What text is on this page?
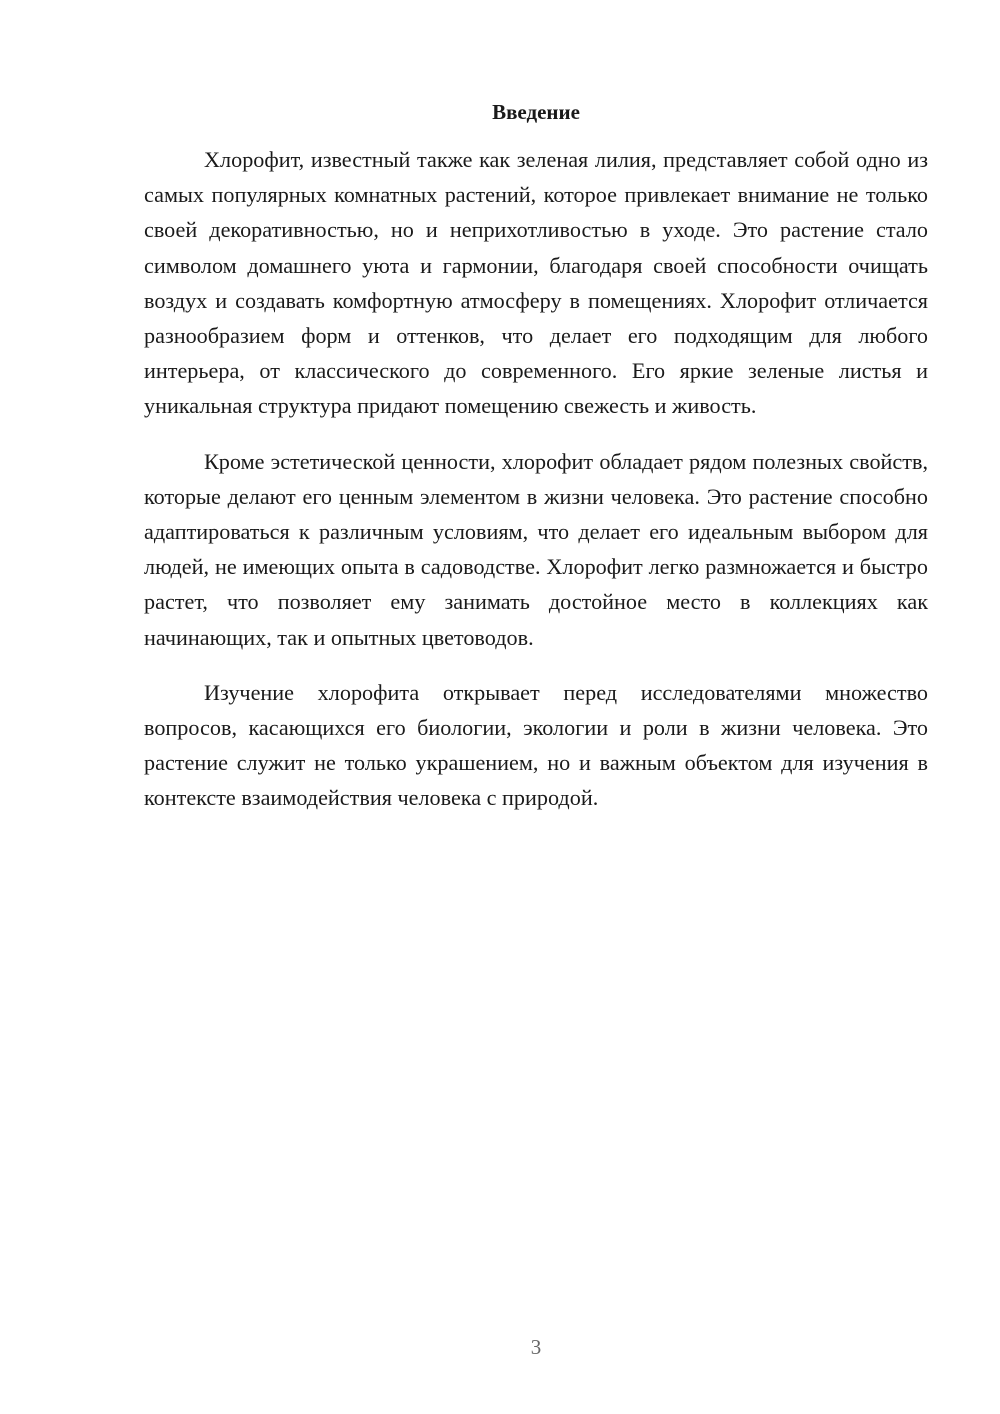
Введение

Хлорофит, известный также как зеленая лилия, представляет собой одно из самых популярных комнатных растений, которое привлекает внимание не только своей декоративностью, но и неприхотливостью в уходе. Это растение стало символом домашнего уюта и гармонии, благодаря своей способности очищать воздух и создавать комфортную атмосферу в помещениях. Хлорофит отличается разнообразием форм и оттенков, что делает его подходящим для любого интерьера, от классического до современного. Его яркие зеленые листья и уникальная структура придают помещению свежесть и живость.

Кроме эстетической ценности, хлорофит обладает рядом полезных свойств, которые делают его ценным элементом в жизни человека. Это растение способно адаптироваться к различным условиям, что делает его идеальным выбором для людей, не имеющих опыта в садоводстве. Хлорофит легко размножается и быстро растет, что позволяет ему занимать достойное место в коллекциях как начинающих, так и опытных цветоводов.

Изучение хлорофита открывает перед исследователями множество вопросов, касающихся его биологии, экологии и роли в жизни человека. Это растение служит не только украшением, но и важным объектом для изучения в контексте взаимодействия человека с природой.

3
